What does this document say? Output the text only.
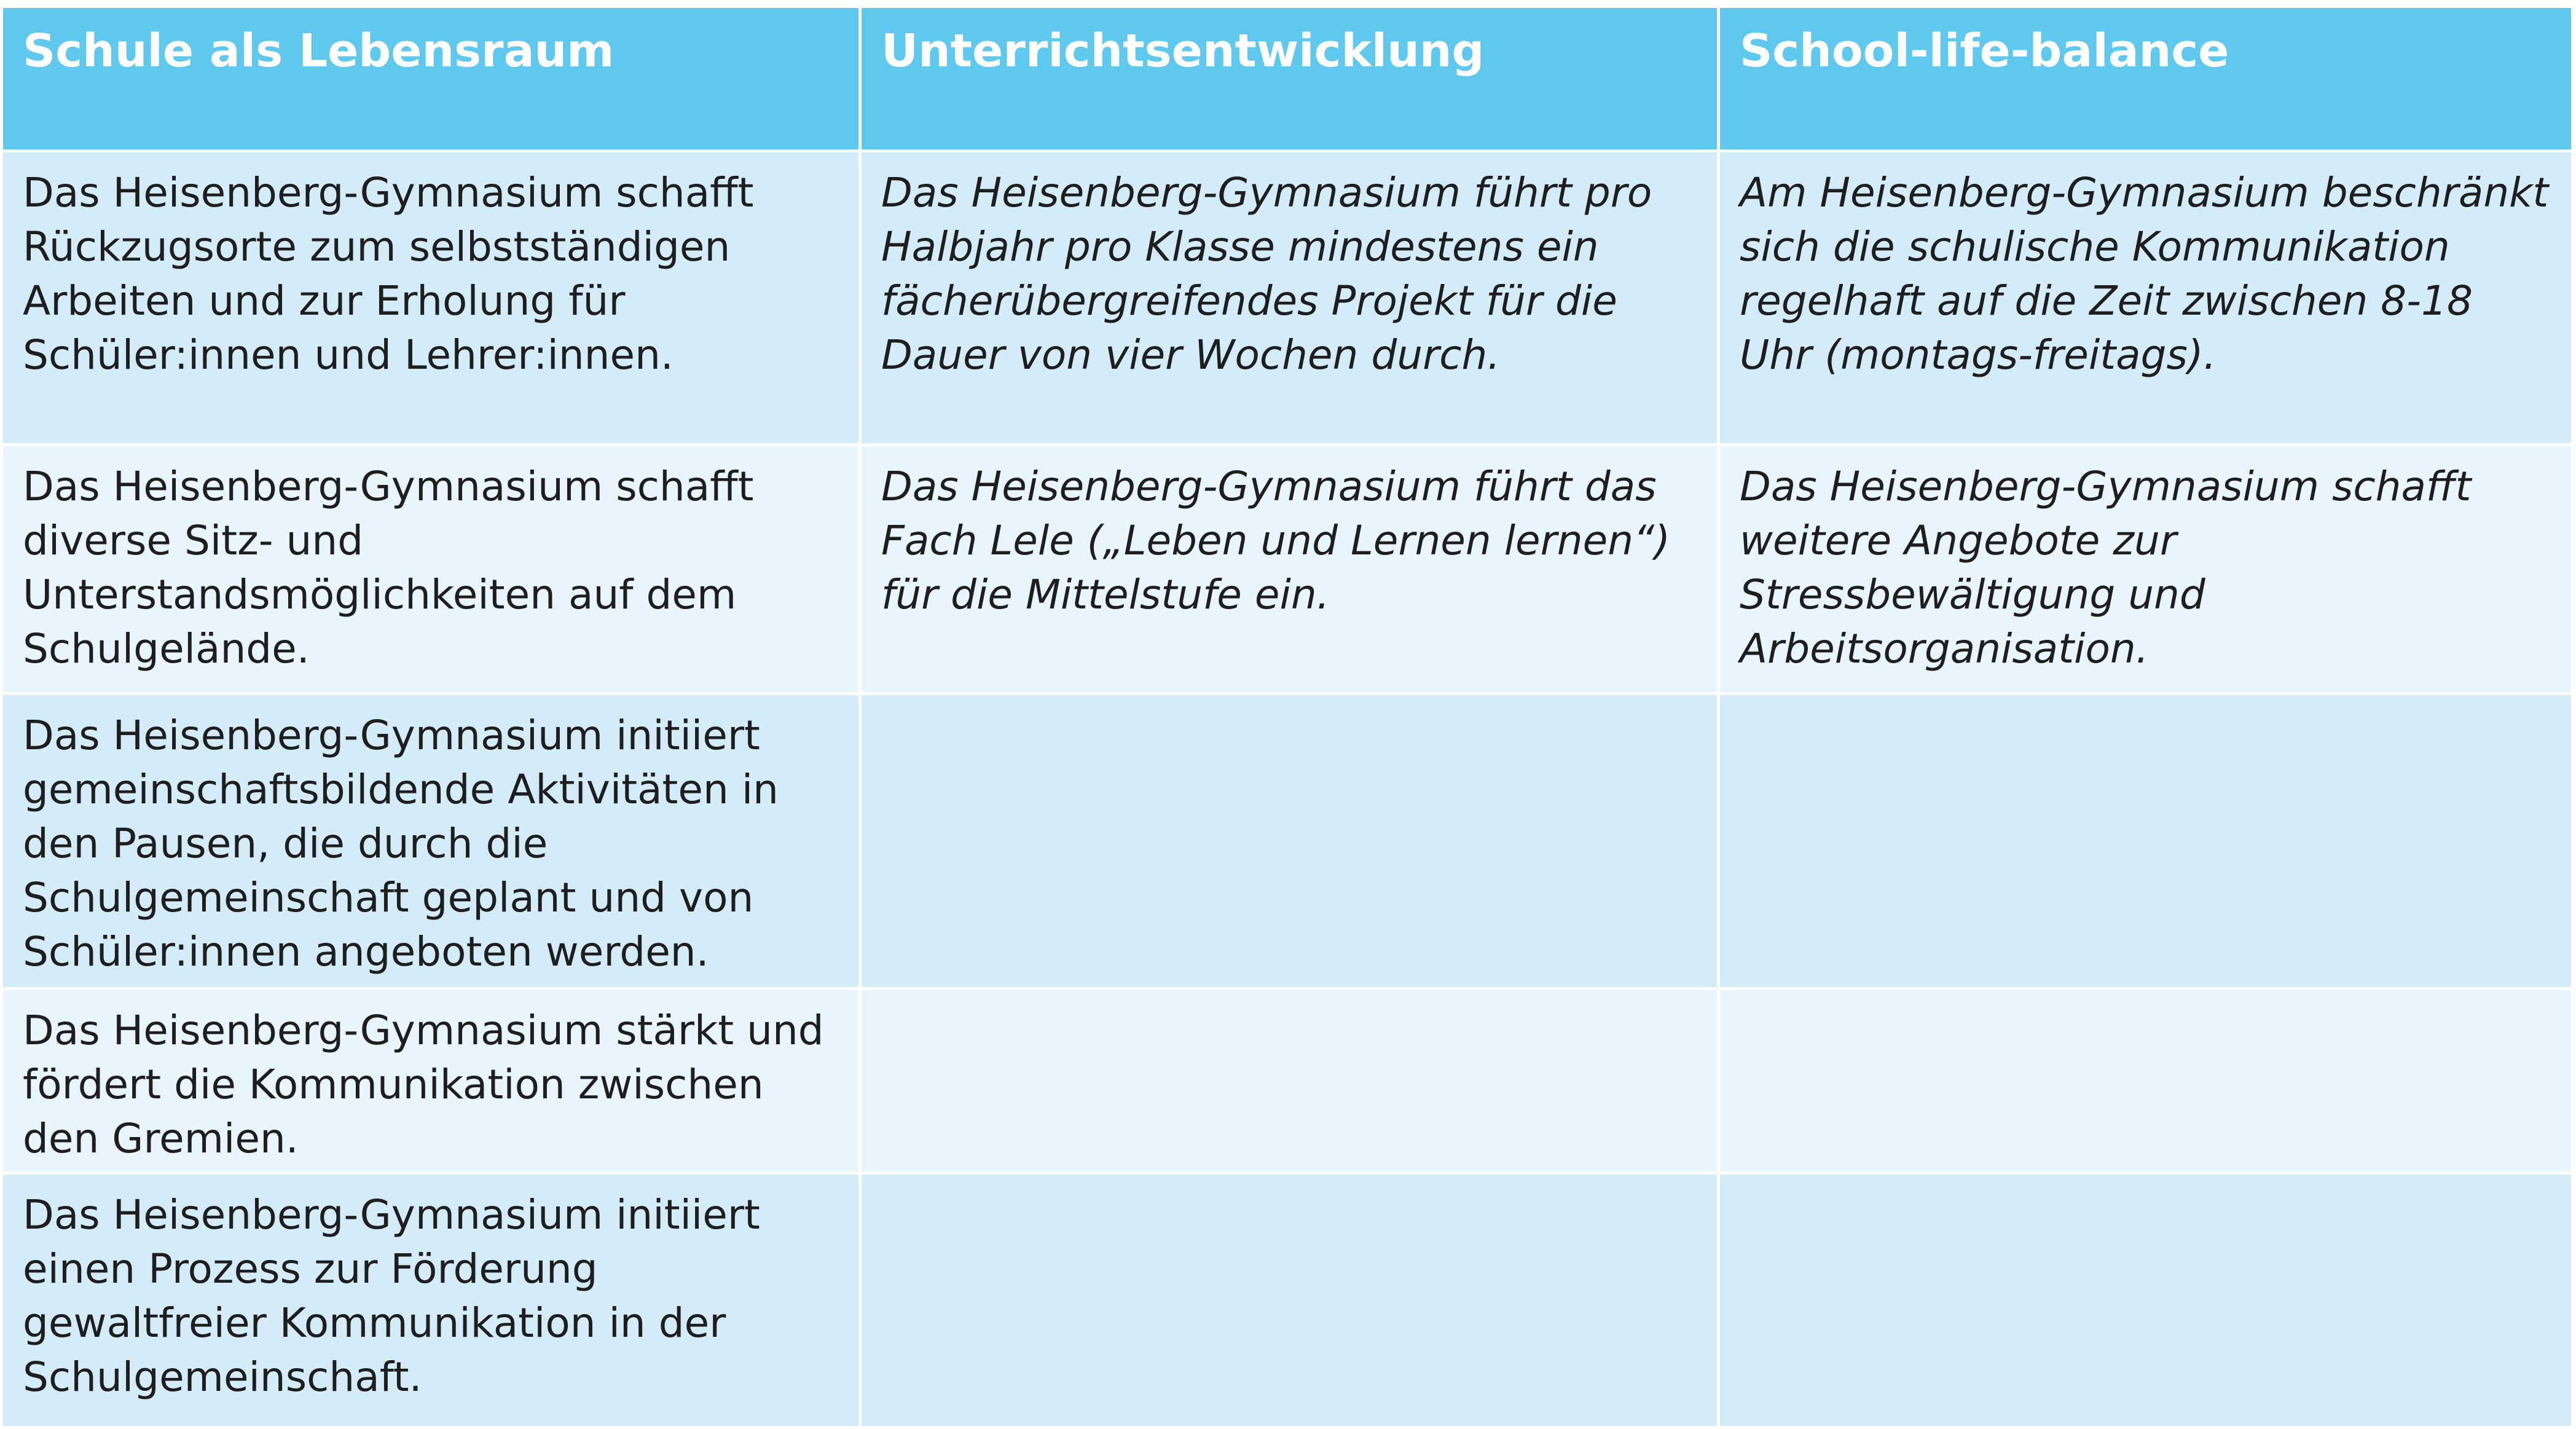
Schule als Lebensraum	Unterrichtsentwicklung	School-life-balance
Das Heisenberg-Gymnasium schafft Rückzugsorte zum selbstständigen Arbeiten und zur Erholung für Schüler:innen und Lehrer:innen.	Das Heisenberg-Gymnasium führt pro Halbjahr pro Klasse mindestens ein fächerübergreifendes Projekt für die Dauer von vier Wochen durch.	Am Heisenberg-Gymnasium beschränkt sich die schulische Kommunikation regelhaft auf die Zeit zwischen 8-18 Uhr (montags-freitags).
Das Heisenberg-Gymnasium schafft diverse Sitz- und Unterstandsmöglichkeiten auf dem Schulgelände.	Das Heisenberg-Gymnasium führt das Fach Lele („Leben und Lernen lernen“) für die Mittelstufe ein.	Das Heisenberg-Gymnasium schafft weitere Angebote zur Stressbewältigung und Arbeitsorganisation.
Das Heisenberg-Gymnasium initiiert gemeinschaftsbildende Aktivitäten in den Pausen, die durch die Schulgemeinschaft geplant und von Schüler:innen angeboten werden.		
Das Heisenberg-Gymnasium stärkt und fördert die Kommunikation zwischen den Gremien.		
Das Heisenberg-Gymnasium initiiert einen Prozess zur Förderung gewaltfreier Kommunikation in der Schulgemeinschaft.		
